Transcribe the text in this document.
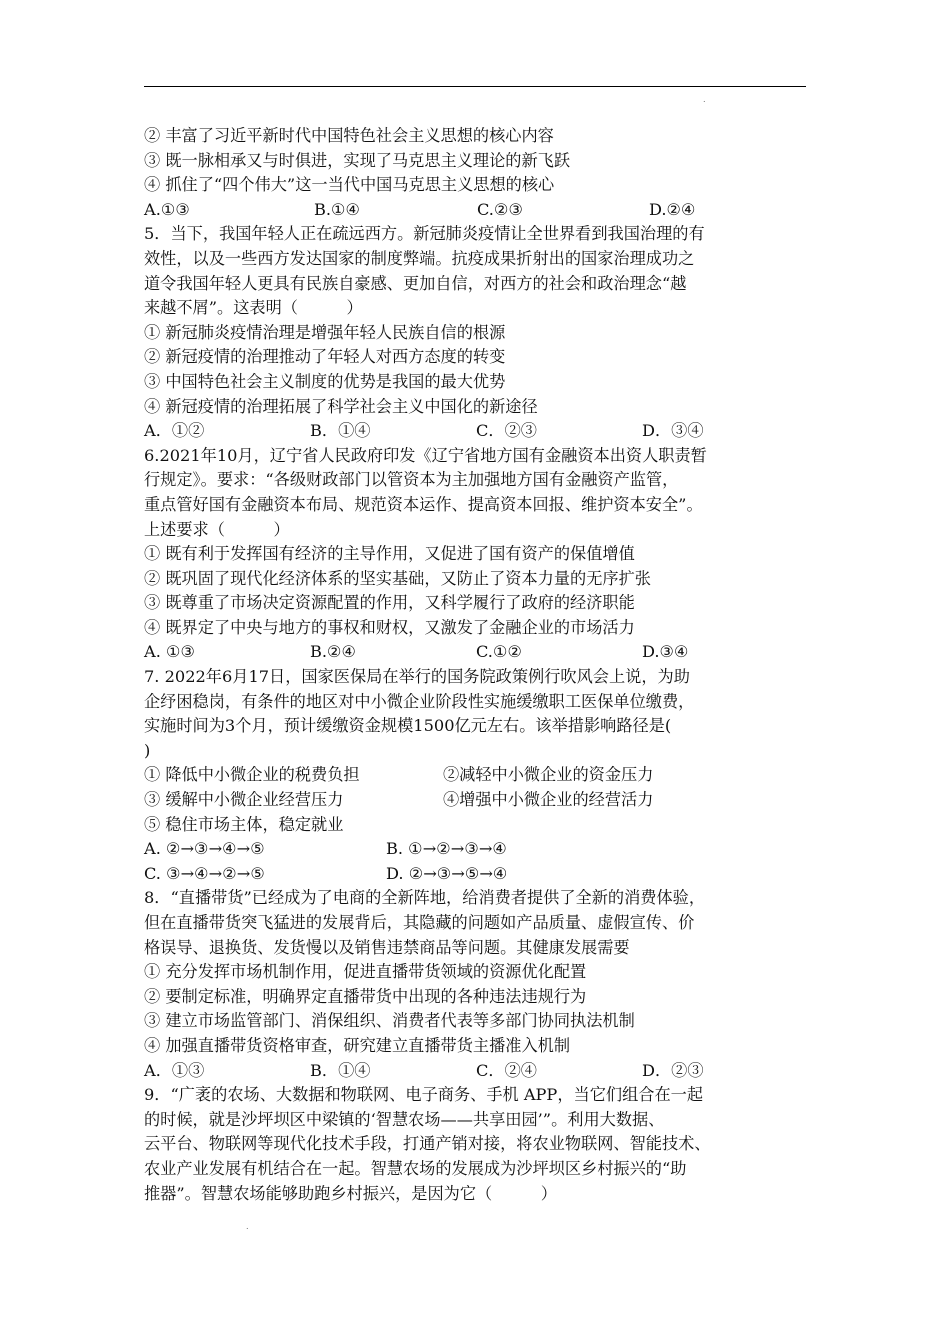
.
.
② 丰富了习近平新时代中国特色社会主义思想的核心内容
③ 既一脉相承又与时俱进，实现了马克思主义理论的新飞跃
④ 抓住了“四个伟大”这一当代中国马克思主义思想的核心
A.①③	B.①④	C.②③	D.②④
5．当下，我国年轻人正在疏远西方。新冠肺炎疫情让全世界看到我国治理的有
效性，以及一些西方发达国家的制度弊端。抗疫成果折射出的国家治理成功之
道令我国年轻人更具有民族自豪感、更加自信，对西方的社会和政治理念“越
来越不屑”。这表明（　　　）
① 新冠肺炎疫情治理是增强年轻人民族自信的根源
② 新冠疫情的治理推动了年轻人对西方态度的转变
③ 中国特色社会主义制度的优势是我国的最大优势
④ 新冠疫情的治理拓展了科学社会主义中国化的新途径
A．①②	B．①④	C．②③	D．③④
6.2021年10月，辽宁省人民政府印发《辽宁省地方国有金融资本出资人职责暂
行规定》。要求：“各级财政部门以管资本为主加强地方国有金融资产监管，
重点管好国有金融资本布局、规范资本运作、提高资本回报、维护资本安全”。
上述要求（　　　）
① 既有利于发挥国有经济的主导作用，又促进了国有资产的保值增值
② 既巩固了现代化经济体系的坚实基础，又防止了资本力量的无序扩张
③ 既尊重了市场决定资源配置的作用，又科学履行了政府的经济职能
④ 既界定了中央与地方的事权和财权，又激发了金融企业的市场活力
A. ①③	B.②④	C.①②	D.③④
7. 2022年6月17日，国家医保局在举行的国务院政策例行吹风会上说，为助
企纾困稳岗，有条件的地区对中小微企业阶段性实施缓缴职工医保单位缴费，
实施时间为3个月，预计缓缴资金规模1500亿元左右。该举措影响路径是(
)
① 降低中小微企业的税费负担	②减轻中小微企业的资金压力
③ 缓解中小微企业经营压力	④增强中小微企业的经营活力
⑤ 稳住市场主体，稳定就业
A. ②→③→④→⑤	B. ①→②→③→④
C. ③→④→②→⑤	D. ②→③→⑤→④
8．“直播带货”已经成为了电商的全新阵地，给消费者提供了全新的消费体验，
但在直播带货突飞猛进的发展背后，其隐藏的问题如产品质量、虚假宣传、价
格误导、退换货、发货慢以及销售违禁商品等问题。其健康发展需要
① 充分发挥市场机制作用，促进直播带货领域的资源优化配置
② 要制定标准，明确界定直播带货中出现的各种违法违规行为
③ 建立市场监管部门、消保组织、消费者代表等多部门协同执法机制
④ 加强直播带货资格审查，研究建立直播带货主播准入机制
A．①③	B．①④	C．②④	D．②③
9．“广袤的农场、大数据和物联网、电子商务、手机 APP，当它们组合在一起
的时候，就是沙坪坝区中梁镇的‘智慧农场——共享田园’”。利用大数据、
云平台、物联网等现代化技术手段，打通产销对接，将农业物联网、智能技术、
农业产业发展有机结合在一起。智慧农场的发展成为沙坪坝区乡村振兴的“助
推器”。智慧农场能够助跑乡村振兴，是因为它（　　　）
